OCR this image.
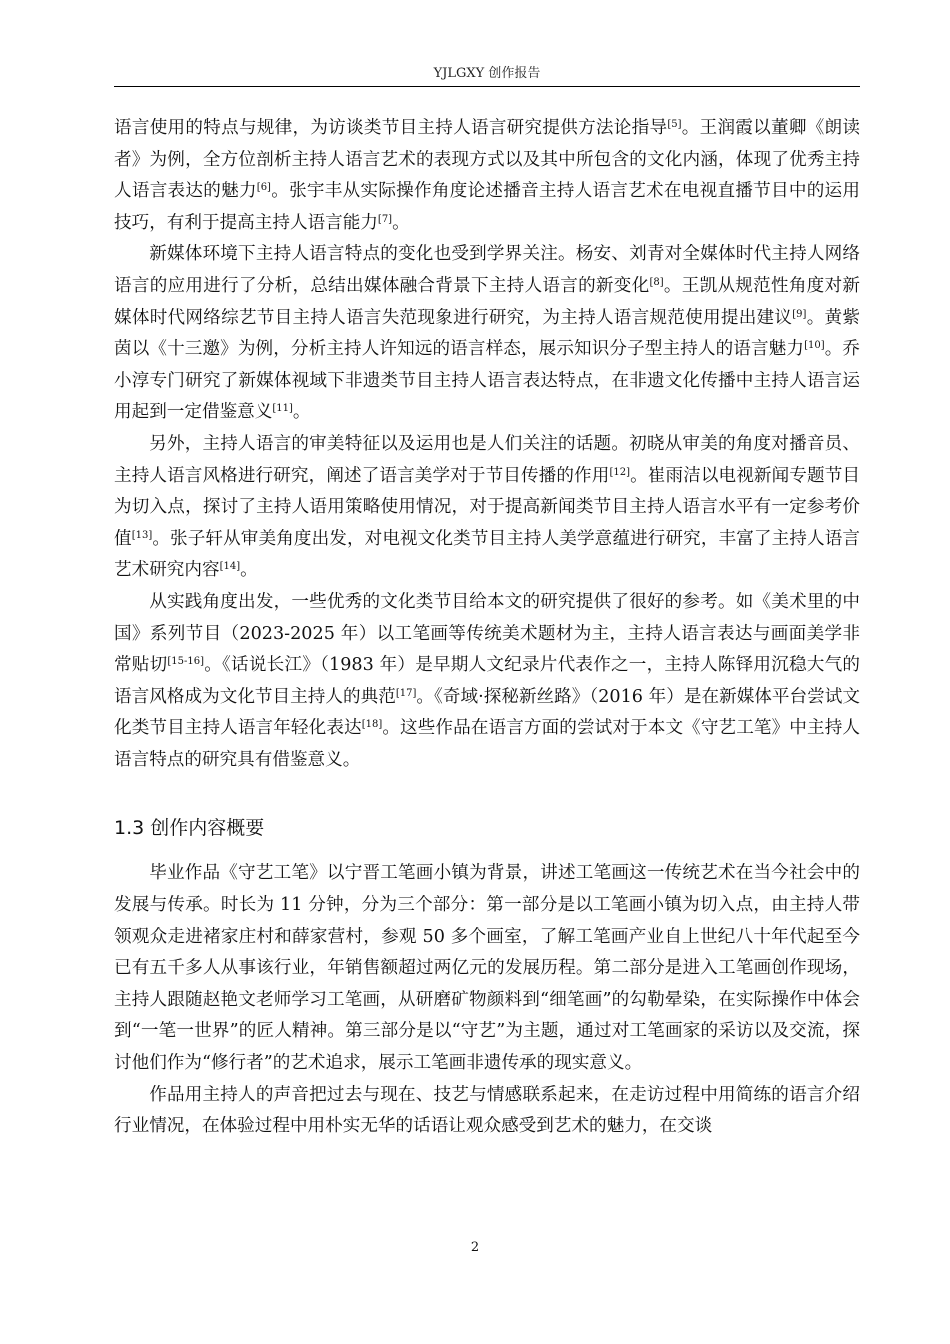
YJLGXY 创作报告

语言使用的特点与规律，为访谈类节目主持人语言研究提供方法论指导[5]。王润霞以董卿《朗读者》为例，全方位剖析主持人语言艺术的表现方式以及其中所包含的文化内涵，体现了优秀主持人语言表达的魅力[6]。张宇丰从实际操作角度论述播音主持人语言艺术在电视直播节目中的运用技巧，有利于提高主持人语言能力[7]。

新媒体环境下主持人语言特点的变化也受到学界关注。杨安、刘青对全媒体时代主持人网络语言的应用进行了分析，总结出媒体融合背景下主持人语言的新变化[8]。王凯从规范性角度对新媒体时代网络综艺节目主持人语言失范现象进行研究，为主持人语言规范使用提出建议[9]。黄紫茵以《十三邀》为例，分析主持人许知远的语言样态，展示知识分子型主持人的语言魅力[10]。乔小淳专门研究了新媒体视域下非遗类节目主持人语言表达特点，在非遗文化传播中主持人语言运用起到一定借鉴意义[11]。

另外，主持人语言的审美特征以及运用也是人们关注的话题。初晓从审美的角度对播音员、主持人语言风格进行研究，阐述了语言美学对于节目传播的作用[12]。崔雨洁以电视新闻专题节目为切入点，探讨了主持人语用策略使用情况，对于提高新闻类节目主持人语言水平有一定参考价值[13]。张子轩从审美角度出发，对电视文化类节目主持人美学意蕴进行研究，丰富了主持人语言艺术研究内容[14]。

从实践角度出发，一些优秀的文化类节目给本文的研究提供了很好的参考。如《美术里的中国》系列节目（2023-2025 年）以工笔画等传统美术题材为主，主持人语言表达与画面美学非常贴切[15-16]。《话说长江》（1983 年）是早期人文纪录片代表作之一，主持人陈铎用沉稳大气的语言风格成为文化节目主持人的典范[17]。《奇域·探秘新丝路》（2016 年）是在新媒体平台尝试文化类节目主持人语言年轻化表达[18]。这些作品在语言方面的尝试对于本文《守艺工笔》中主持人语言特点的研究具有借鉴意义。

1.3 创作内容概要

毕业作品《守艺工笔》以宁晋工笔画小镇为背景，讲述工笔画这一传统艺术在当今社会中的发展与传承。时长为 11 分钟，分为三个部分：第一部分是以工笔画小镇为切入点，由主持人带领观众走进褚家庄村和薛家营村，参观 50 多个画室，了解工笔画产业自上世纪八十年代起至今已有五千多人从事该行业，年销售额超过两亿元的发展历程。第二部分是进入工笔画创作现场，主持人跟随赵艳文老师学习工笔画，从研磨矿物颜料到“细笔画”的勾勒晕染，在实际操作中体会到“一笔一世界”的匠人精神。第三部分是以“守艺”为主题，通过对工笔画家的采访以及交流，探讨他们作为“修行者”的艺术追求，展示工笔画非遗传承的现实意义。

作品用主持人的声音把过去与现在、技艺与情感联系起来，在走访过程中用简练的语言介绍行业情况，在体验过程中用朴实无华的话语让观众感受到艺术的魅力，在交谈

2
